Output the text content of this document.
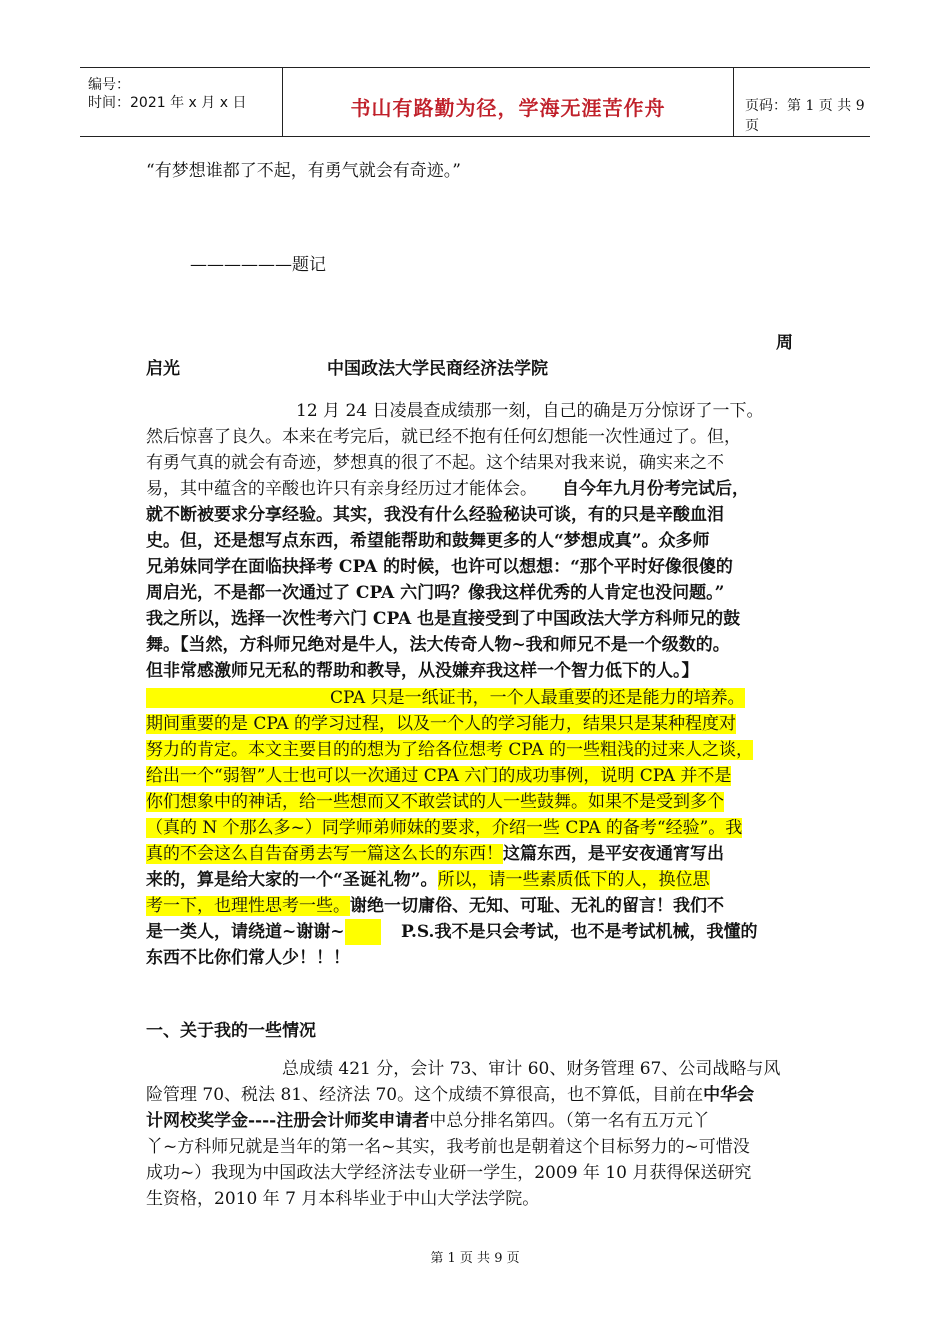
编号：
时间：2021 年 x 月 x 日	书山有路勤为径，学海无涯苦作舟	页码：第 1 页 共 9 页
“有梦想谁都了不起，有勇气就会有奇迹。”
——————题记
周
启光	中国政法大学民商经济法学院
12 月 24 日凌晨查成绩那一刻，自己的确是万分惊讶了一下。
然后惊喜了良久。本来在考完后，就已经不抱有任何幻想能一次性通过了。但，
有勇气真的就会有奇迹，梦想真的很了不起。这个结果对我来说，确实来之不
易，其中蕴含的辛酸也许只有亲身经历过才能体会。 自今年九月份考完试后，
就不断被要求分享经验。其实，我没有什么经验秘诀可谈，有的只是辛酸血泪
史。但，还是想写点东西，希望能帮助和鼓舞更多的人“梦想成真”。众多师
兄弟妹同学在面临抉择考 CPA 的时候，也许可以想想：“那个平时好像很傻的
周启光，不是都一次通过了 CPA 六门吗？像我这样优秀的人肯定也没问题。”
我之所以，选择一次性考六门 CPA 也是直接受到了中国政法大学方科师兄的鼓
舞。【当然，方科师兄绝对是牛人，法大传奇人物~我和师兄不是一个级数的。
但非常感激师兄无私的帮助和教导，从没嫌弃我这样一个智力低下的人。】
CPA 只是一纸证书，一个人最重要的还是能力的培养。
期间重要的是 CPA 的学习过程，以及一个人的学习能力，结果只是某种程度对
努力的肯定。本文主要目的的想为了给各位想考 CPA 的一些粗浅的过来人之谈，
给出一个“弱智”人士也可以一次通过 CPA 六门的成功事例，说明 CPA 并不是
你们想象中的神话，给一些想而又不敢尝试的人一些鼓舞。如果不是受到多个
（真的 N 个那么多~）同学师弟师妹的要求，介绍一些 CPA 的备考“经验”。我
真的不会这么自告奋勇去写一篇这么长的东西！这篇东西，是平安夜通宵写出
来的，算是给大家的一个“圣诞礼物”。所以，请一些素质低下的人，换位思
考一下，也理性思考一些。谢绝一切庸俗、无知、可耻、无礼的留言！我们不
是一类人，请绕道~谢谢~	P.S.我不是只会考试，也不是考试机械，我懂的
东西不比你们常人少！！！
一、关于我的一些情况
总成绩 421 分，会计 73、审计 60、财务管理 67、公司战略与风
险管理 70、税法 81、经济法 70。这个成绩不算很高，也不算低，目前在中华会
计网校奖学金----注册会计师奖申请者中总分排名第四。（第一名有五万元丫
丫~方科师兄就是当年的第一名~其实，我考前也是朝着这个目标努力的~可惜没
成功~）我现为中国政法大学经济法专业研一学生，2009 年 10 月获得保送研究
生资格，2010 年 7 月本科毕业于中山大学法学院。
第 1 页 共 9 页
